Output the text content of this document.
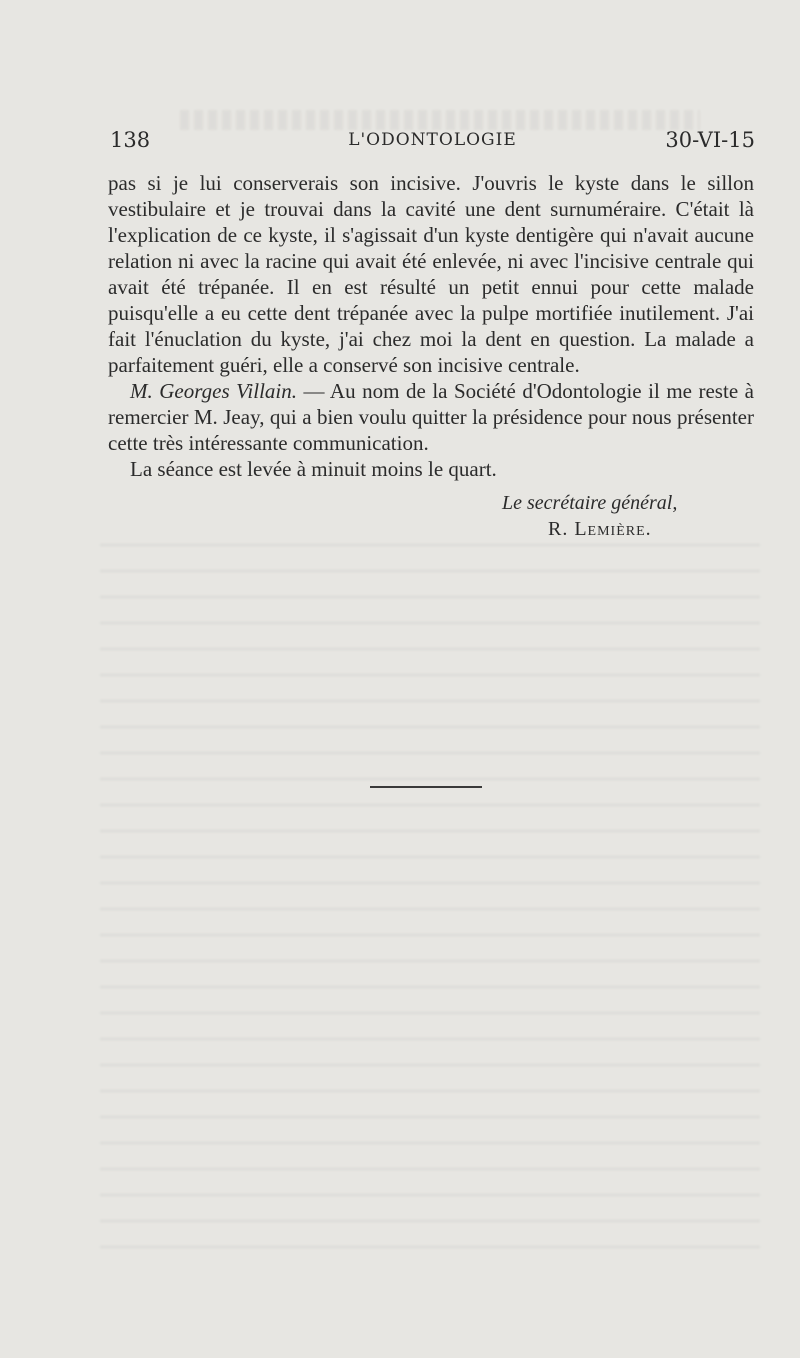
138	L'ODONTOLOGIE	30-VI-15

pas si je lui conserverais son incisive. J'ouvris le kyste dans le sillon vestibulaire et je trouvai dans la cavité une dent surnuméraire. C'était là l'explication de ce kyste, il s'agissait d'un kyste dentigère qui n'avait aucune relation ni avec la racine qui avait été enlevée, ni avec l'incisive centrale qui avait été trépanée. Il en est résulté un petit ennui pour cette malade puisqu'elle a eu cette dent trépanée avec la pulpe mortifiée inutilement. J'ai fait l'énuclation du kyste, j'ai chez moi la dent en question. La malade a parfaitement guéri, elle a conservé son incisive centrale.

M. Georges Villain. — Au nom de la Société d'Odontologie il me reste à remercier M. Jeay, qui a bien voulu quitter la présidence pour nous présenter cette très intéressante communication.

La séance est levée à minuit moins le quart.

Le secrétaire général,
R. Lemière.
